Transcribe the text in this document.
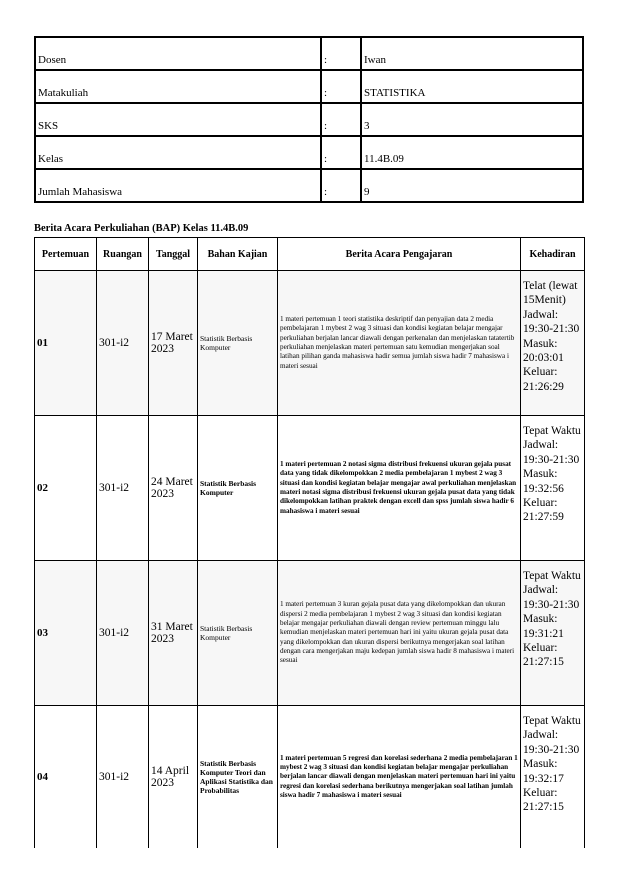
Dosen	:	Iwan
Matakuliah	:	STATISTIKA
SKS	:	3
Kelas	:	11.4B.09
Jumlah Mahasiswa	:	9
Berita Acara Perkuliahan (BAP) Kelas 11.4B.09
Pertemuan	Ruangan	Tanggal	Bahan Kajian	Berita Acara Pengajaran	Kehadiran
01	301-i2	17 Maret 2023	Statistik Berbasis Komputer	1 materi pertemuan 1 teori statistika deskriptif dan penyajian data 2 media pembelajaran 1 mybest 2 wag 3 situasi dan kondisi kegiatan belajar mengajar perkuliahan berjalan lancar diawali dengan perkenalan dan menjelaskan tatatertib perkuliahan menjelaskan materi pertemuan satu kemudian mengerjakan soal latihan pilihan ganda mahasiswa hadir semua jumlah siswa hadir 7 mahasiswa i materi sesuai	Telat (lewat 15Menit) Jadwal: 19:30-21:30 Masuk: 20:03:01 Keluar: 21:26:29
02	301-i2	24 Maret 2023	Statistik Berbasis Komputer	1 materi pertemuan 2 notasi sigma distribusi frekuensi ukuran gejala pusat data yang tidak dikelompokkan 2 media pembelajaran 1 mybest 2 wag 3 situasi dan kondisi kegiatan belajar mengajar awal perkuliahan menjelaskan materi notasi sigma distribusi frekuensi ukuran gejala pusat data yang tidak dikelompokkan latihan praktek dengan excell dan spss jumlah siswa hadir 6 mahasiswa i materi sesuai	Tepat Waktu Jadwal: 19:30-21:30 Masuk: 19:32:56 Keluar: 21:27:59
03	301-i2	31 Maret 2023	Statistik Berbasis Komputer	1 materi pertemuan 3 kuran gejala pusat data yang dikelompokkan dan ukuran dispersi 2 media pembelajaran 1 mybest 2 wag 3 situasi dan kondisi kegiatan belajar mengajar perkuliahan diawali dengan review pertemuan minggu lalu kemudian menjelaskan materi pertemuan hari ini yaitu ukuran gejala pusat data yang dikelompokkan dan ukuran dispersi berikutnya mengerjakan soal latihan dengan cara mengerjakan maju kedepan jumlah siswa hadir 8 mahasiswa i materi sesuai	Tepat Waktu Jadwal: 19:30-21:30 Masuk: 19:31:21 Keluar: 21:27:15
04	301-i2	14 April 2023	Statistik Berbasis Komputer Teori dan Aplikasi Statistika dan Probabilitas	1 materi pertemuan 5 regresi dan korelasi sederhana 2 media pembelajaran 1 mybest 2 wag 3 situasi dan kondisi kegiatan belajar mengajar perkuliahan berjalan lancar diawali dengan menjelaskan materi pertemuan hari ini yaitu regresi dan korelasi sederhana berikutnya mengerjakan soal latihan jumlah siswa hadir 7 mahasiswa i materi sesuai	Tepat Waktu Jadwal: 19:30-21:30 Masuk: 19:32:17 Keluar: 21:27:15
